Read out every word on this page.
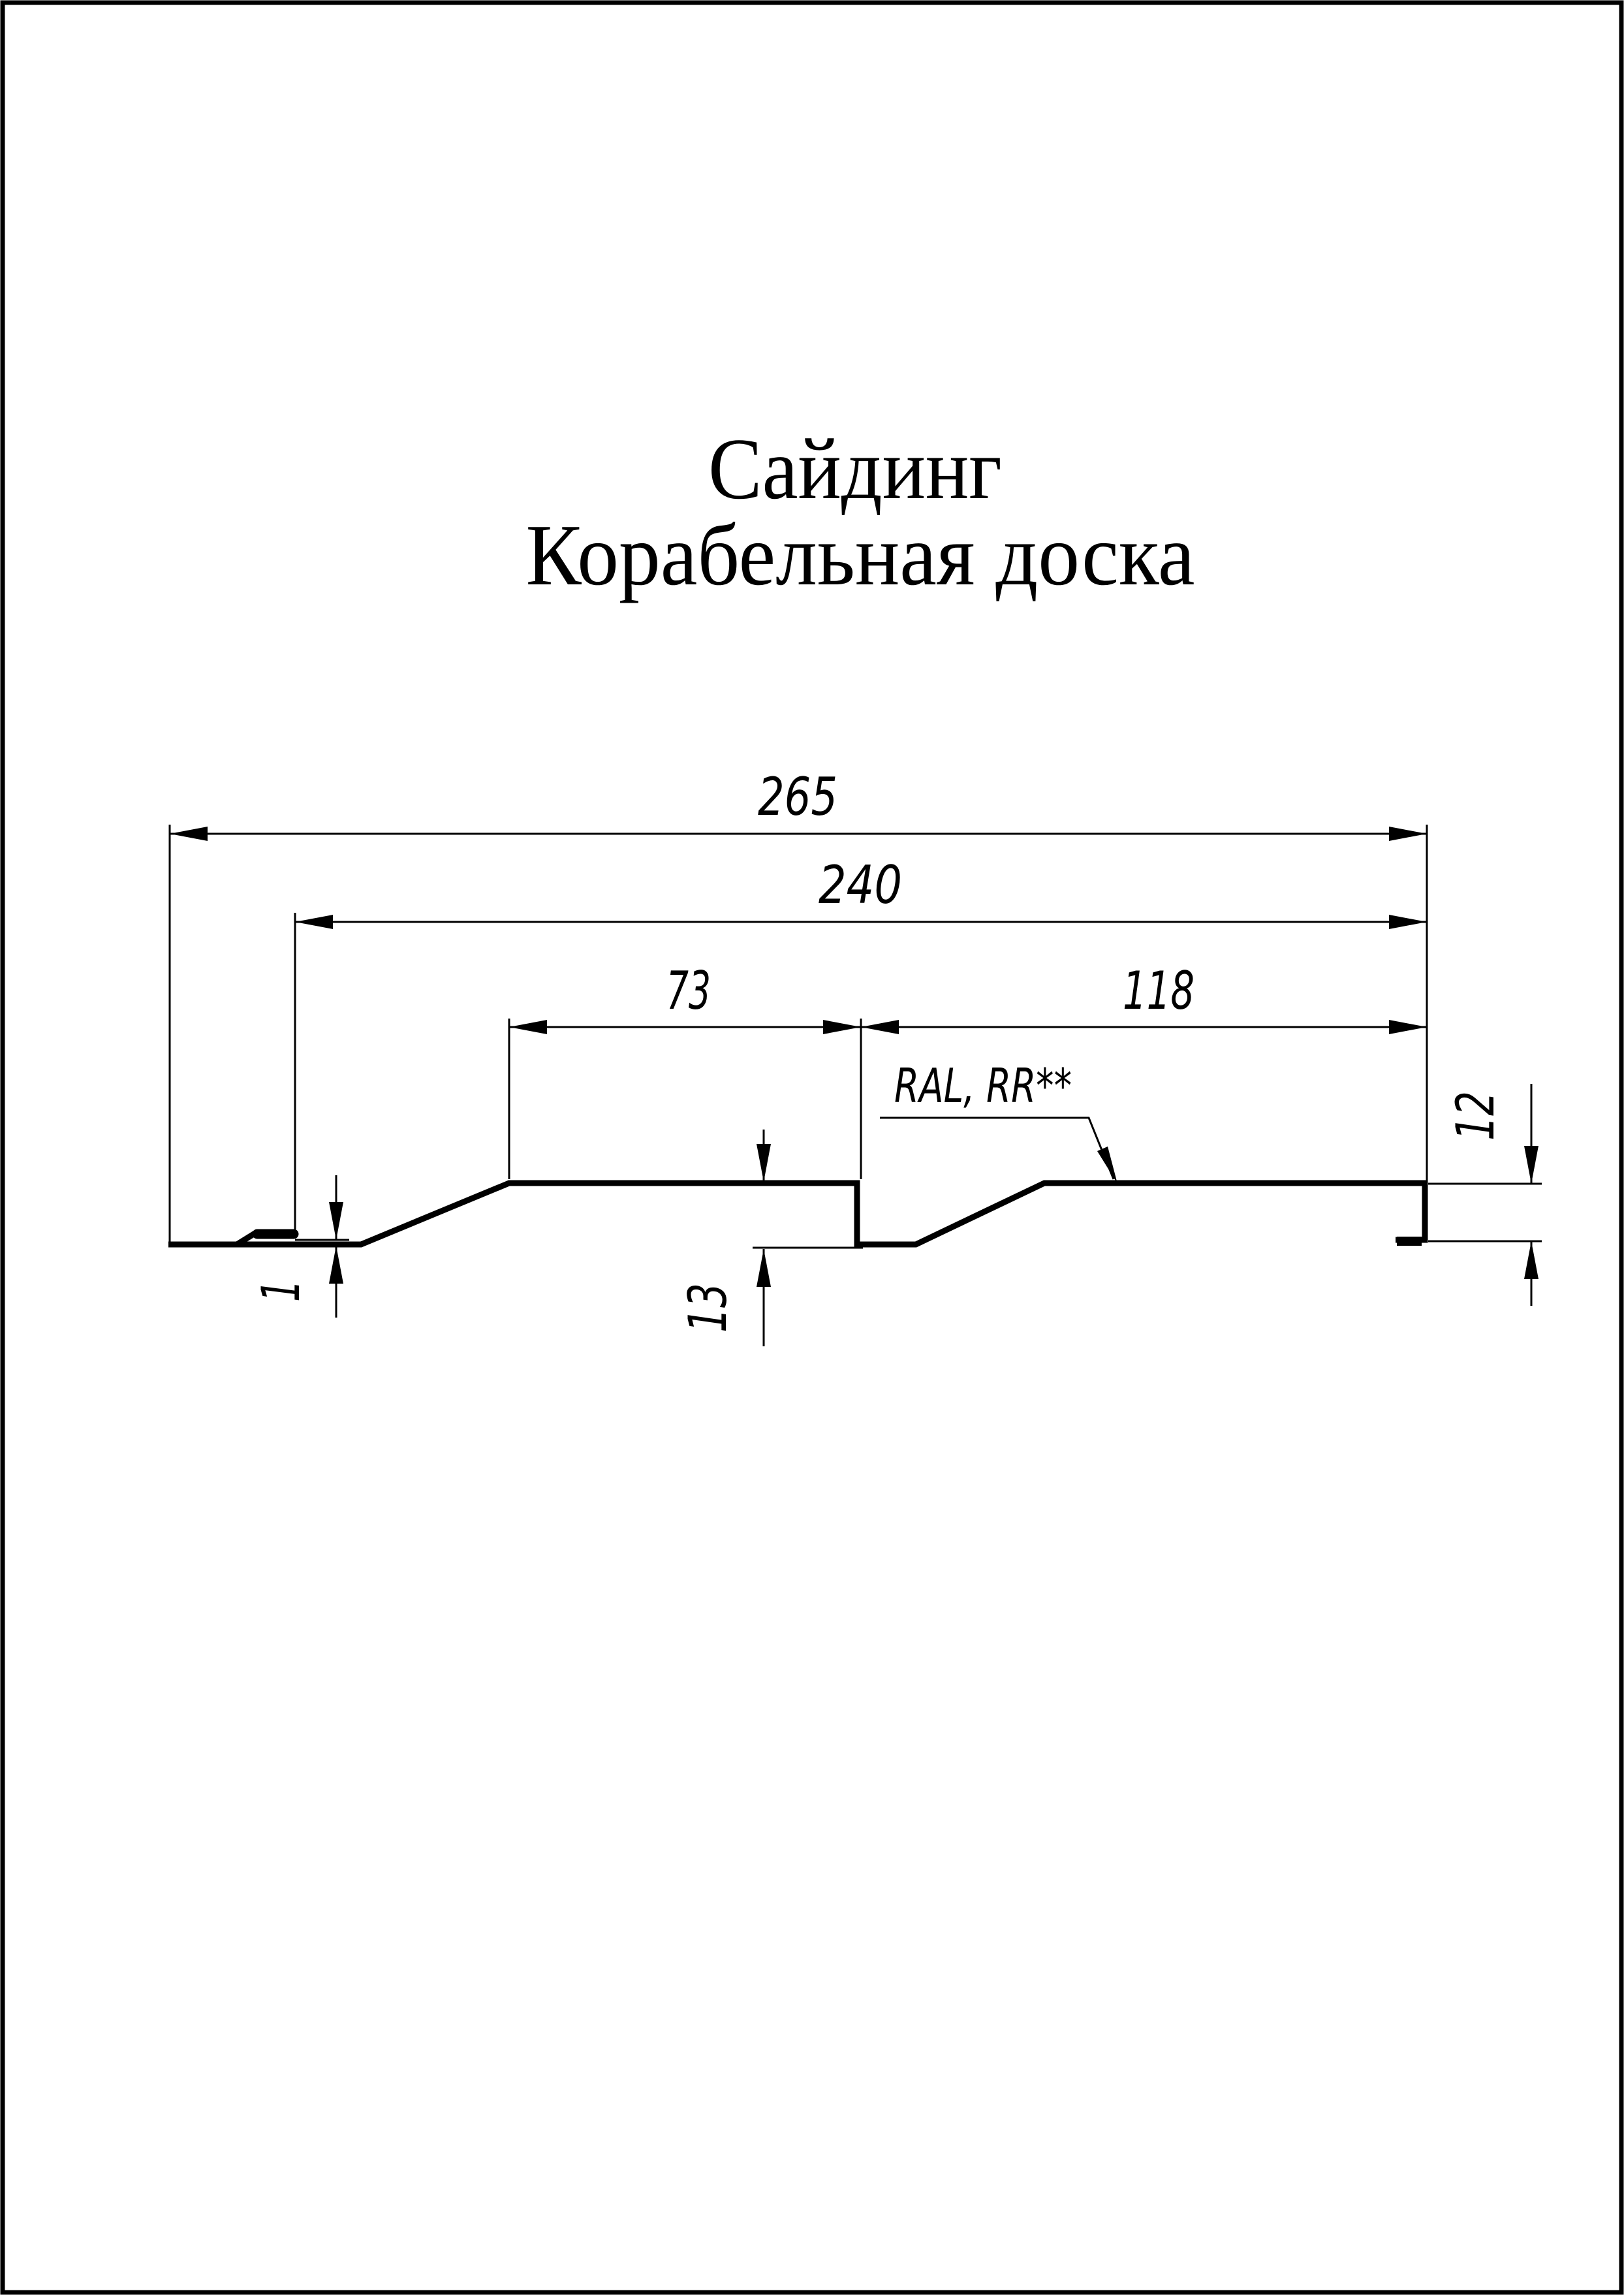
Сайдинг
Корабельная доска
265
240
73	118
1	13
12
RAL, RR**
